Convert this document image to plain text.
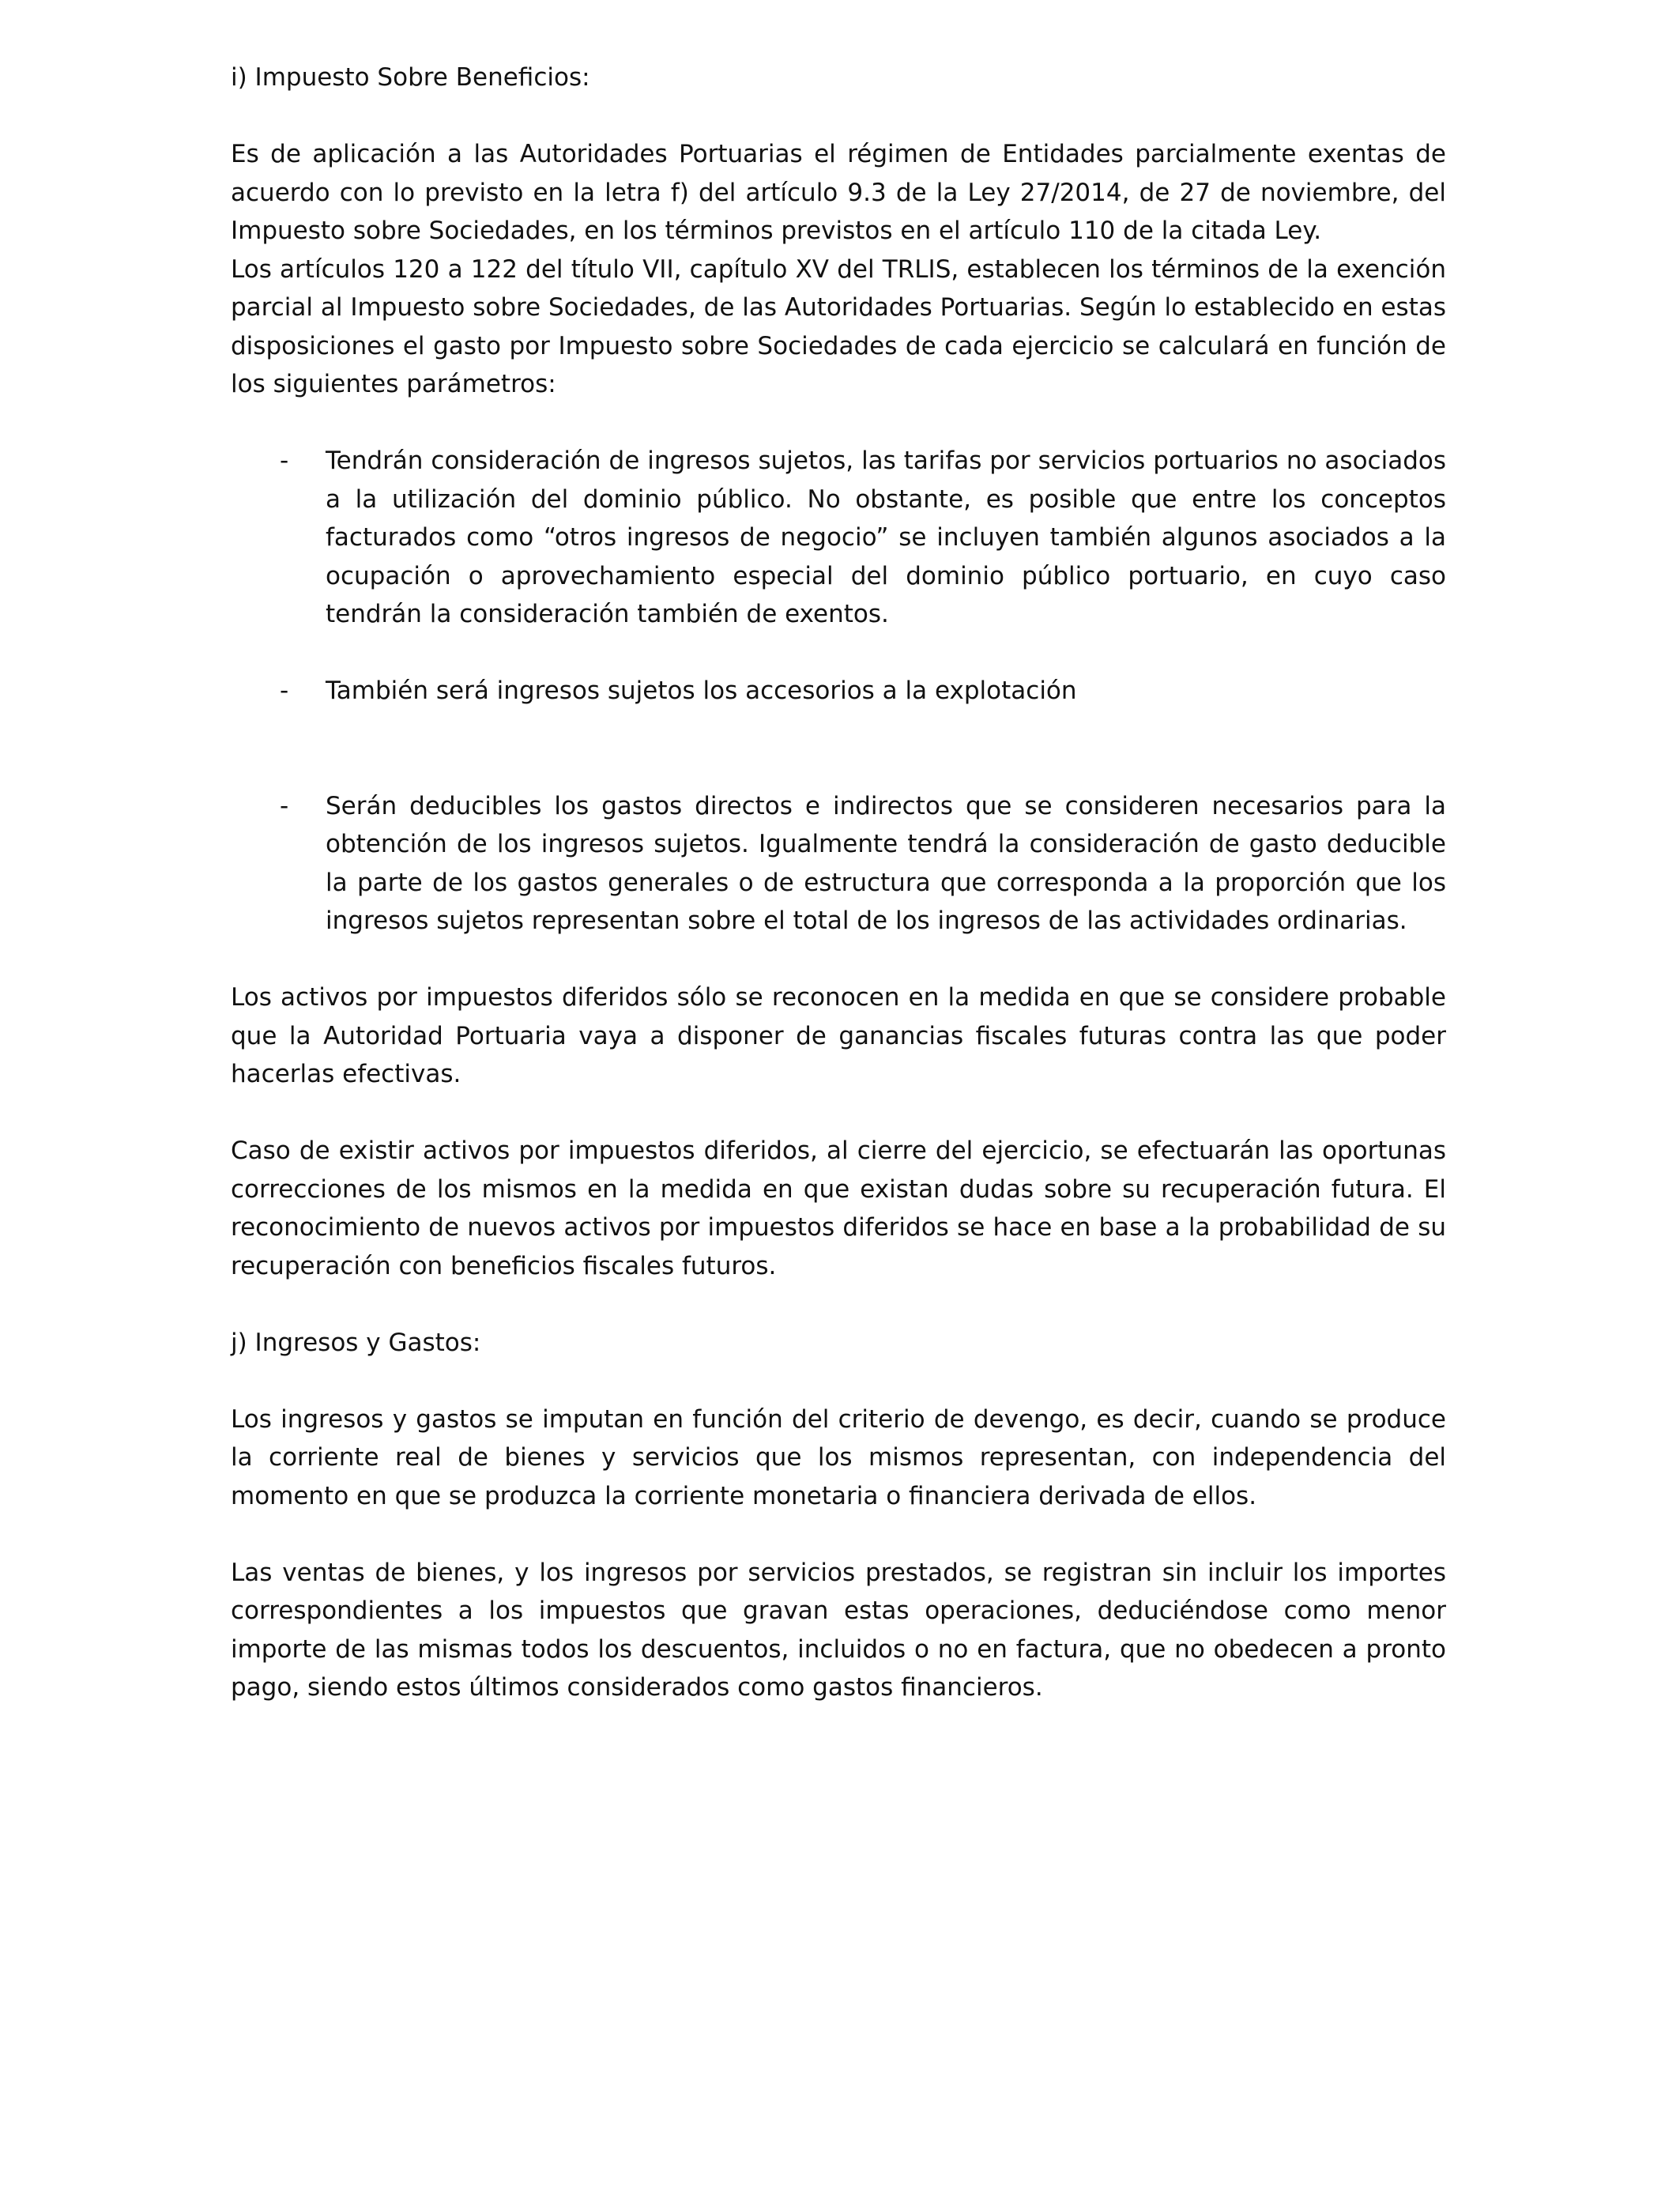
i) Impuesto Sobre Beneficios:

Es de aplicación a las Autoridades Portuarias el régimen de Entidades parcialmente exentas de acuerdo con lo previsto en la letra f) del artículo 9.3 de la Ley 27/2014, de 27 de noviembre, del Impuesto sobre Sociedades, en los términos previstos en el artículo 110 de la citada Ley.

Los artículos 120 a 122 del título VII, capítulo XV del TRLIS, establecen los términos de la exención parcial al Impuesto sobre Sociedades, de las Autoridades Portuarias. Según lo establecido en estas disposiciones el gasto por Impuesto sobre Sociedades de cada ejercicio se calculará en función de los siguientes parámetros:

- Tendrán consideración de ingresos sujetos, las tarifas por servicios portuarios no asociados a la utilización del dominio público. No obstante, es posible que entre los conceptos facturados como “otros ingresos de negocio” se incluyen también algunos asociados a la ocupación o aprovechamiento especial del dominio público portuario, en cuyo caso tendrán la consideración también de exentos.
- También será ingresos sujetos los accesorios a la explotación
- Serán deducibles los gastos directos e indirectos que se consideren necesarios para la obtención de los ingresos sujetos. Igualmente tendrá la consideración de gasto deducible la parte de los gastos generales o de estructura que corresponda a la proporción que los ingresos sujetos representan sobre el total de los ingresos de las actividades ordinarias.

Los activos por impuestos diferidos sólo se reconocen en la medida en que se considere probable que la Autoridad Portuaria vaya a disponer de ganancias fiscales futuras contra las que poder hacerlas efectivas.

Caso de existir activos por impuestos diferidos, al cierre del ejercicio, se efectuarán las oportunas correcciones de los mismos en la medida en que existan dudas sobre su recuperación futura. El reconocimiento de nuevos activos por impuestos diferidos se hace en base a la probabilidad de su recuperación con beneficios fiscales futuros.

j) Ingresos y Gastos:

Los ingresos y gastos se imputan en función del criterio de devengo, es decir, cuando se produce la corriente real de bienes y servicios que los mismos representan, con independencia del momento en que se produzca la corriente monetaria o financiera derivada de ellos.

Las ventas de bienes, y los ingresos por servicios prestados, se registran sin incluir los importes correspondientes a los impuestos que gravan estas operaciones, deduciéndose como menor importe de las mismas todos los descuentos, incluidos o no en factura, que no obedecen a pronto pago, siendo estos últimos considerados como gastos financieros.
